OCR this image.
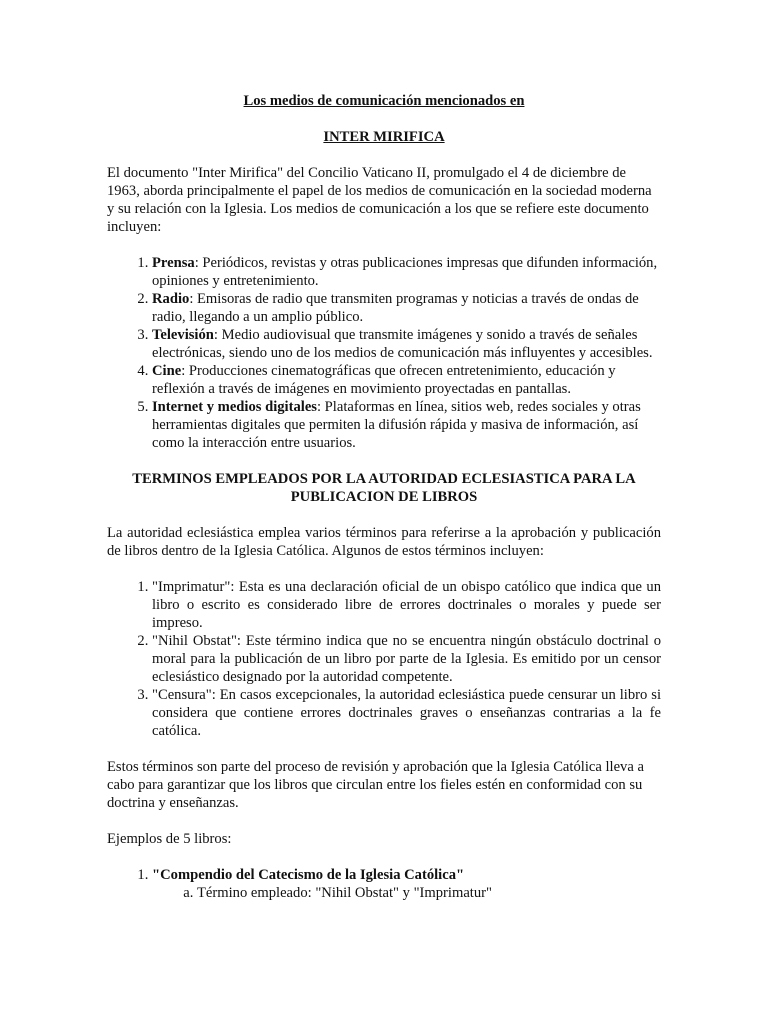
Los medios de comunicación mencionados en

INTER MIRIFICA

El documento "Inter Mirifica" del Concilio Vaticano II, promulgado el 4 de diciembre de 1963, aborda principalmente el papel de los medios de comunicación en la sociedad moderna y su relación con la Iglesia. Los medios de comunicación a los que se refiere este documento incluyen:

1. Prensa: Periódicos, revistas y otras publicaciones impresas que difunden información, opiniones y entretenimiento.
2. Radio: Emisoras de radio que transmiten programas y noticias a través de ondas de radio, llegando a un amplio público.
3. Televisión: Medio audiovisual que transmite imágenes y sonido a través de señales electrónicas, siendo uno de los medios de comunicación más influyentes y accesibles.
4. Cine: Producciones cinematográficas que ofrecen entretenimiento, educación y reflexión a través de imágenes en movimiento proyectadas en pantallas.
5. Internet y medios digitales: Plataformas en línea, sitios web, redes sociales y otras herramientas digitales que permiten la difusión rápida y masiva de información, así como la interacción entre usuarios.

TERMINOS EMPLEADOS POR LA AUTORIDAD ECLESIASTICA PARA LA PUBLICACION DE LIBROS

La autoridad eclesiástica emplea varios términos para referirse a la aprobación y publicación de libros dentro de la Iglesia Católica. Algunos de estos términos incluyen:

1. "Imprimatur": Esta es una declaración oficial de un obispo católico que indica que un libro o escrito es considerado libre de errores doctrinales o morales y puede ser impreso.
2. "Nihil Obstat": Este término indica que no se encuentra ningún obstáculo doctrinal o moral para la publicación de un libro por parte de la Iglesia. Es emitido por un censor eclesiástico designado por la autoridad competente.
3. "Censura": En casos excepcionales, la autoridad eclesiástica puede censurar un libro si considera que contiene errores doctrinales graves o enseñanzas contrarias a la fe católica.

Estos términos son parte del proceso de revisión y aprobación que la Iglesia Católica lleva a cabo para garantizar que los libros que circulan entre los fieles estén en conformidad con su doctrina y enseñanzas.

Ejemplos de 5 libros:

1. "Compendio del Catecismo de la Iglesia Católica"
a. Término empleado: "Nihil Obstat" y "Imprimatur"
